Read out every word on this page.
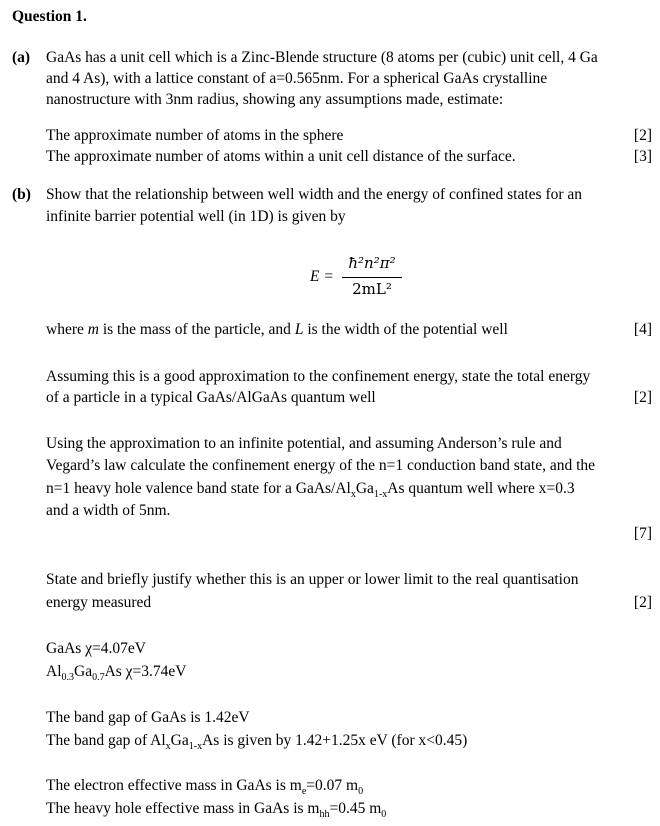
Question 1.
(a) GaAs has a unit cell which is a Zinc-Blende structure (8 atoms per (cubic) unit cell, 4 Ga
and 4 As), with a lattice constant of a=0.565nm. For a spherical GaAs crystalline
nanostructure with 3nm radius, showing any assumptions made, estimate:
The approximate number of atoms in the sphere	[2]
The approximate number of atoms within a unit cell distance of the surface.	[3]
(b) Show that the relationship between well width and the energy of confined states for an
infinite barrier potential well (in 1D) is given by
E =
ħ²n²π²
2mL²
where m is the mass of the particle, and L is the width of the potential well	[4]
Assuming this is a good approximation to the confinement energy, state the total energy
of a particle in a typical GaAs/AlGaAs quantum well	[2]
Using the approximation to an infinite potential, and assuming Anderson’s rule and
Vegard’s law calculate the confinement energy of the n=1 conduction band state, and the
n=1 heavy hole valence band state for a GaAs/$Al_xGa_{1-x}As$ quantum well where x=0.3
and a width of 5nm.
[7]
State and briefly justify whether this is an upper or lower limit to the real quantisation
energy measured	[2]
GaAs χ=4.07eV
$Al_{0.3}Ga_{0.7}As$ χ=3.74eV
The band gap of GaAs is 1.42eV
The band gap of $Al_xGa_{1-x}As$ is given by 1.42+1.25x eV (for x<0.45)
The electron effective mass in GaAs is $m_e=0.07$ $m_0$
The heavy hole effective mass in GaAs is $m_{hh}=0.45$ $m_0$
